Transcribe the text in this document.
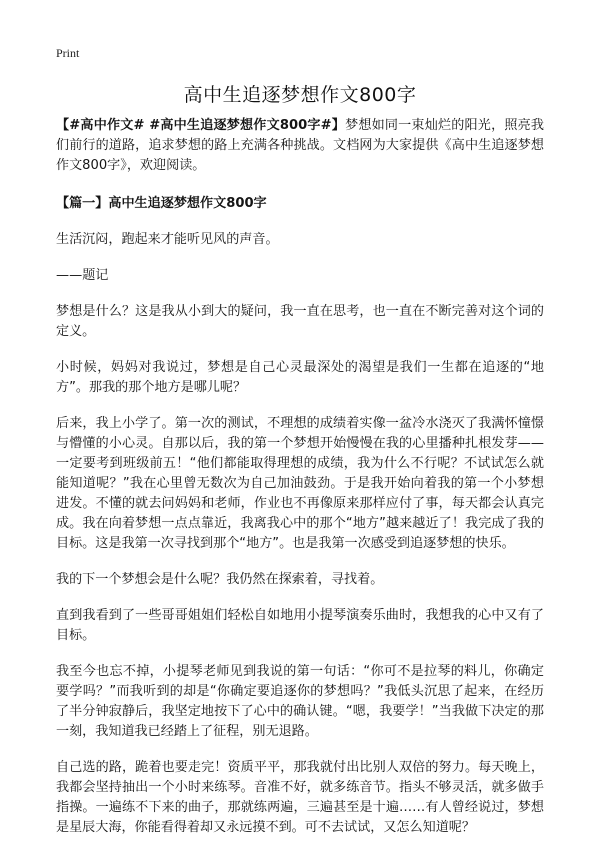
Print
高中生追逐梦想作文800字

【#高中作文# #高中生追逐梦想作文800字#】梦想如同一束灿烂的阳光，照亮我们前行的道路，追求梦想的路上充满各种挑战。文档网为大家提供《高中生追逐梦想作文800字》，欢迎阅读。

【篇一】高中生追逐梦想作文800字

生活沉闷，跑起来才能听见风的声音。

——题记

梦想是什么？这是我从小到大的疑问，我一直在思考，也一直在不断完善对这个词的定义。

小时候，妈妈对我说过，梦想是自己心灵最深处的渴望是我们一生都在追逐的“地方”。那我的那个地方是哪儿呢？

后来，我上小学了。第一次的测试，不理想的成绩着实像一盆冷水浇灭了我满怀憧憬与懵懂的小心灵。自那以后，我的第一个梦想开始慢慢在我的心里播种扎根发芽——一定要考到班级前五！“他们都能取得理想的成绩，我为什么不行呢？不试试怎么就能知道呢？”我在心里曾无数次为自己加油鼓劲。于是我开始向着我的第一个小梦想进发。不懂的就去问妈妈和老师，作业也不再像原来那样应付了事，每天都会认真完成。我在向着梦想一点点靠近，我离我心中的那个“地方”越来越近了！我完成了我的目标。这是我第一次寻找到那个“地方”。也是我第一次感受到追逐梦想的快乐。

我的下一个梦想会是什么呢？我仍然在探索着，寻找着。

直到我看到了一些哥哥姐姐们轻松自如地用小提琴演奏乐曲时，我想我的心中又有了目标。

我至今也忘不掉，小提琴老师见到我说的第一句话：“你可不是拉琴的料儿，你确定要学吗？”而我听到的却是“你确定要追逐你的梦想吗？”我低头沉思了起来，在经历了半分钟寂静后，我坚定地按下了心中的确认键。“嗯，我要学！”当我做下决定的那一刻，我知道我已经踏上了征程，别无退路。

自己选的路，跪着也要走完！资质平平，那我就付出比别人双倍的努力。每天晚上，我都会坚持抽出一个小时来练琴。音准不好，就多练音节。指头不够灵活，就多做手指操。一遍练不下来的曲子，那就练两遍，三遍甚至是十遍……有人曾经说过，梦想是星辰大海，你能看得着却又永远摸不到。可不去试试，又怎么知道呢？
